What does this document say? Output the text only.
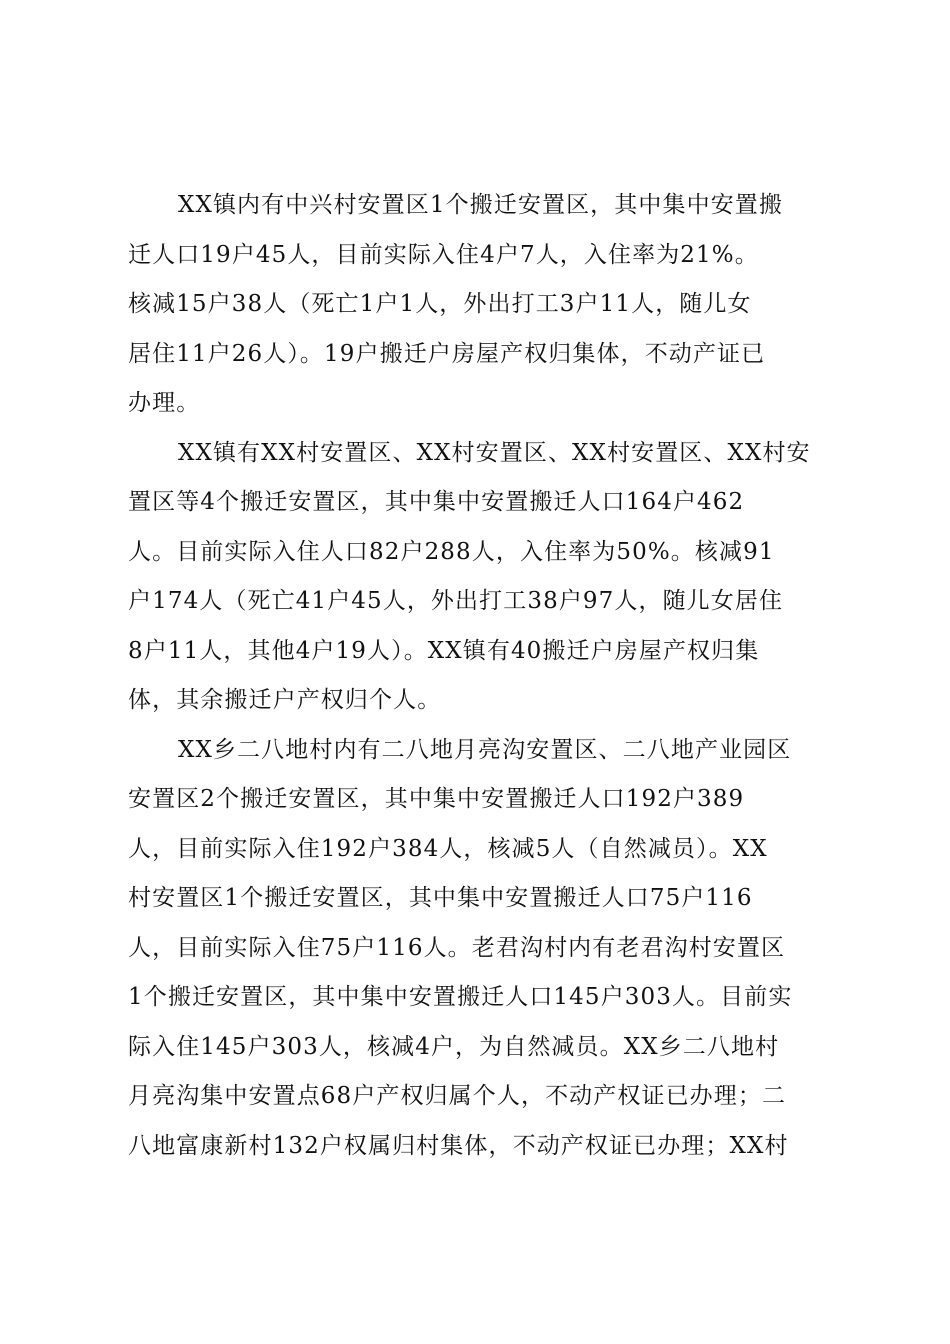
XX镇内有中兴村安置区1个搬迁安置区，其中集中安置搬
迁人口19户45人，目前实际入住4户7人，入住率为21%。
核减15户38人（死亡1户1人，外出打工3户11人，随儿女
居住11户26人）。19户搬迁户房屋产权归集体，不动产证已
办理。
XX镇有XX村安置区、XX村安置区、XX村安置区、XX村安
置区等4个搬迁安置区，其中集中安置搬迁人口164户462
人。目前实际入住人口82户288人，入住率为50%。核减91
户174人（死亡41户45人，外出打工38户97人，随儿女居住
8户11人，其他4户19人）。XX镇有40搬迁户房屋产权归集
体，其余搬迁户产权归个人。
XX乡二八地村内有二八地月亮沟安置区、二八地产业园区
安置区2个搬迁安置区，其中集中安置搬迁人口192户389
人，目前实际入住192户384人，核减5人（自然减员）。XX
村安置区1个搬迁安置区，其中集中安置搬迁人口75户116
人，目前实际入住75户116人。老君沟村内有老君沟村安置区
1个搬迁安置区，其中集中安置搬迁人口145户303人。目前实
际入住145户303人，核减4户，为自然减员。XX乡二八地村
月亮沟集中安置点68户产权归属个人，不动产权证已办理；二
八地富康新村132户权属归村集体，不动产权证已办理；XX村
